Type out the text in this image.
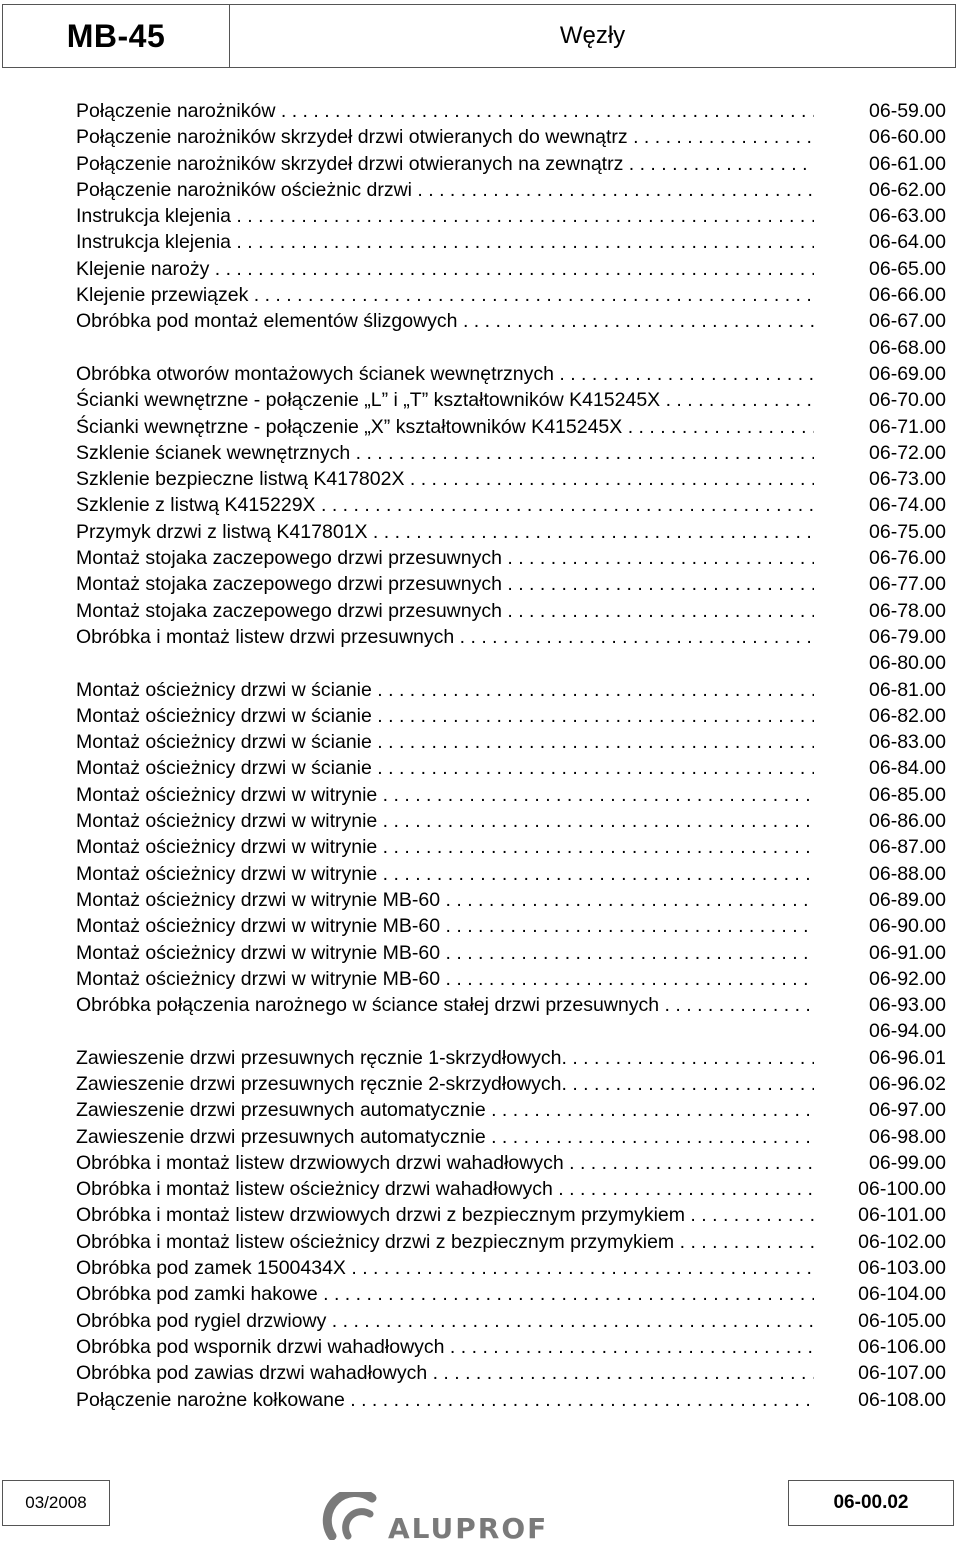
MB-45	Węzły
Połączenie narożników . . .	06-59.00
Połączenie narożników skrzydeł drzwi otwieranych do wewnątrz . . .	06-60.00
Połączenie narożników skrzydeł drzwi otwieranych na zewnątrz . . .	06-61.00
Połączenie narożników ościeżnic drzwi . . .	06-62.00
Instrukcja klejenia . . .	06-63.00
Instrukcja klejenia . . .	06-64.00
Klejenie naroży . . .	06-65.00
Klejenie przewiązek . . .	06-66.00
Obróbka pod montaż elementów ślizgowych . . .	06-67.00
06-68.00
Obróbka otworów montażowych ścianek wewnętrznych . . .	06-69.00
Ścianki wewnętrzne - połączenie „L” i „T” kształtowników K415245X . . .	06-70.00
Ścianki wewnętrzne - połączenie „X” kształtowników K415245X . . .	06-71.00
Szklenie ścianek wewnętrznych . . .	06-72.00
Szklenie bezpieczne listwą K417802X . . .	06-73.00
Szklenie z listwą K415229X . . .	06-74.00
Przymyk drzwi z listwą K417801X . . .	06-75.00
Montaż stojaka zaczepowego drzwi przesuwnych . . .	06-76.00
Montaż stojaka zaczepowego drzwi przesuwnych . . .	06-77.00
Montaż stojaka zaczepowego drzwi przesuwnych . . .	06-78.00
Obróbka i montaż listew drzwi przesuwnych . . .	06-79.00
06-80.00
Montaż ościeżnicy drzwi w ścianie . . .	06-81.00
Montaż ościeżnicy drzwi w ścianie . . .	06-82.00
Montaż ościeżnicy drzwi w ścianie . . .	06-83.00
Montaż ościeżnicy drzwi w ścianie . . .	06-84.00
Montaż ościeżnicy drzwi w witrynie . . .	06-85.00
Montaż ościeżnicy drzwi w witrynie . . .	06-86.00
Montaż ościeżnicy drzwi w witrynie . . .	06-87.00
Montaż ościeżnicy drzwi w witrynie . . .	06-88.00
Montaż ościeżnicy drzwi w witrynie MB-60 . . .	06-89.00
Montaż ościeżnicy drzwi w witrynie MB-60 . . .	06-90.00
Montaż ościeżnicy drzwi w witrynie MB-60 . . .	06-91.00
Montaż ościeżnicy drzwi w witrynie MB-60 . . .	06-92.00
Obróbka połączenia narożnego w ściance stałej drzwi przesuwnych . . .	06-93.00
06-94.00
Zawieszenie drzwi przesuwnych ręcznie 1-skrzydłowych. . . .	06-96.01
Zawieszenie drzwi przesuwnych ręcznie 2-skrzydłowych. . . .	06-96.02
Zawieszenie drzwi przesuwnych automatycznie . . .	06-97.00
Zawieszenie drzwi przesuwnych automatycznie . . .	06-98.00
Obróbka i montaż listew drzwiowych drzwi wahadłowych . . .	06-99.00
Obróbka i montaż listew ościeżnicy drzwi wahadłowych . . .	06-100.00
Obróbka i montaż listew drzwiowych drzwi z bezpiecznym przymykiem . . .	06-101.00
Obróbka i montaż listew ościeżnicy drzwi z bezpiecznym przymykiem . . .	06-102.00
Obróbka pod zamek 1500434X . . .	06-103.00
Obróbka pod zamki hakowe . . .	06-104.00
Obróbka pod rygiel drzwiowy . . .	06-105.00
Obróbka pod wspornik drzwi wahadłowych . . .	06-106.00
Obróbka pod zawias drzwi wahadłowych . . .	06-107.00
Połączenie narożne kołkowane . . .	06-108.00
03/2008
ALUPROF
06-00.02
